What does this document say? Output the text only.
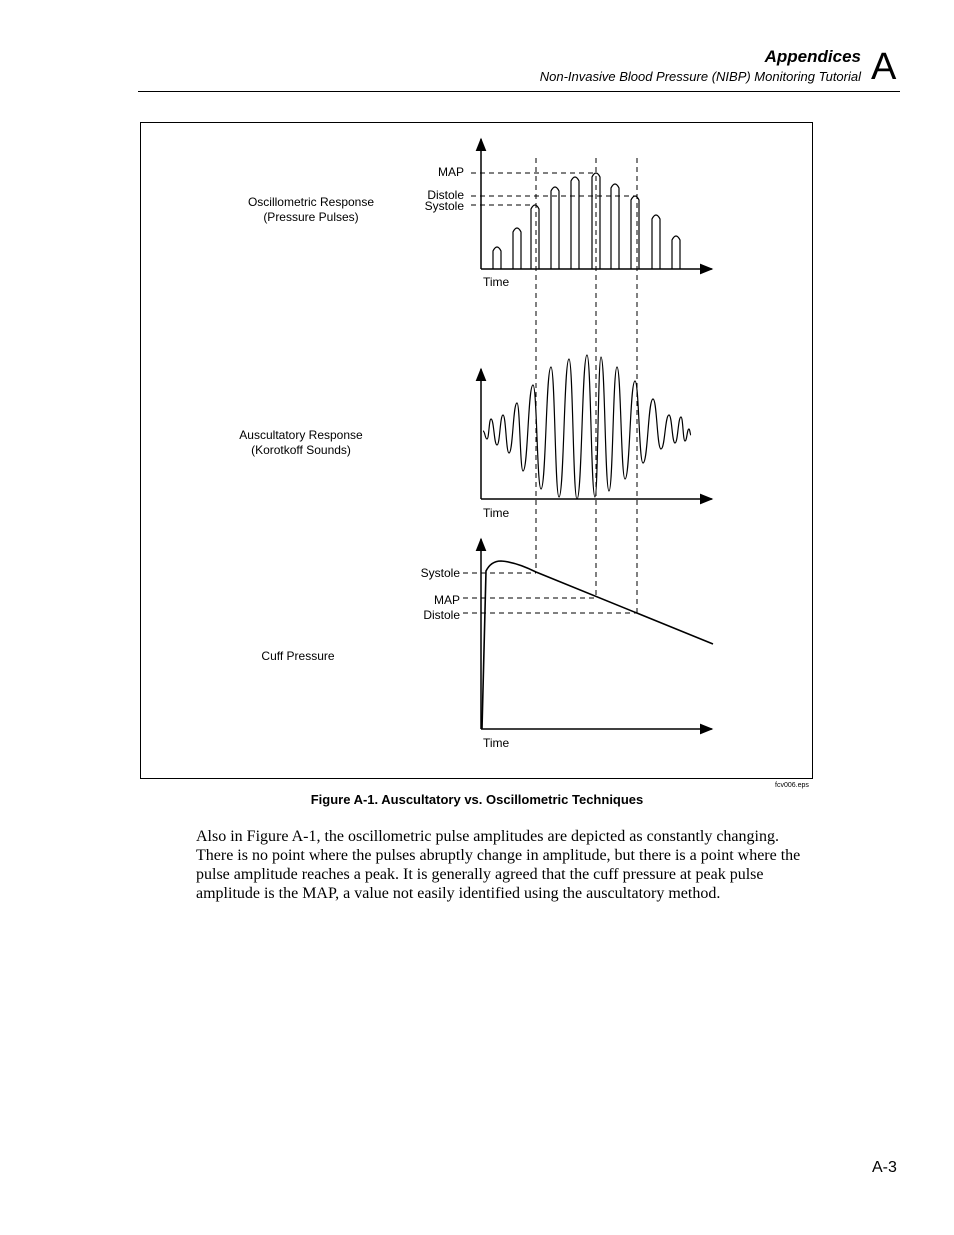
Appendices
Non-Invasive Blood Pressure (NIBP) Monitoring Tutorial A
MAP
Distole
Systole
Time
Time
Systole
MAP
Distole
Time
Oscillometric Response
(Pressure Pulses)
Auscultatory Response
(Korotkoff Sounds)
Cuff Pressure
fcv006.eps
Figure A-1. Auscultatory vs. Oscillometric Techniques

Also in Figure A-1, the oscillometric pulse amplitudes are depicted as constantly changing. There is no point where the pulses abruptly change in amplitude, but there is a point where the pulse amplitude reaches a peak. It is generally agreed that the cuff pressure at peak pulse amplitude is the MAP, a value not easily identified using the auscultatory method.

A-3
